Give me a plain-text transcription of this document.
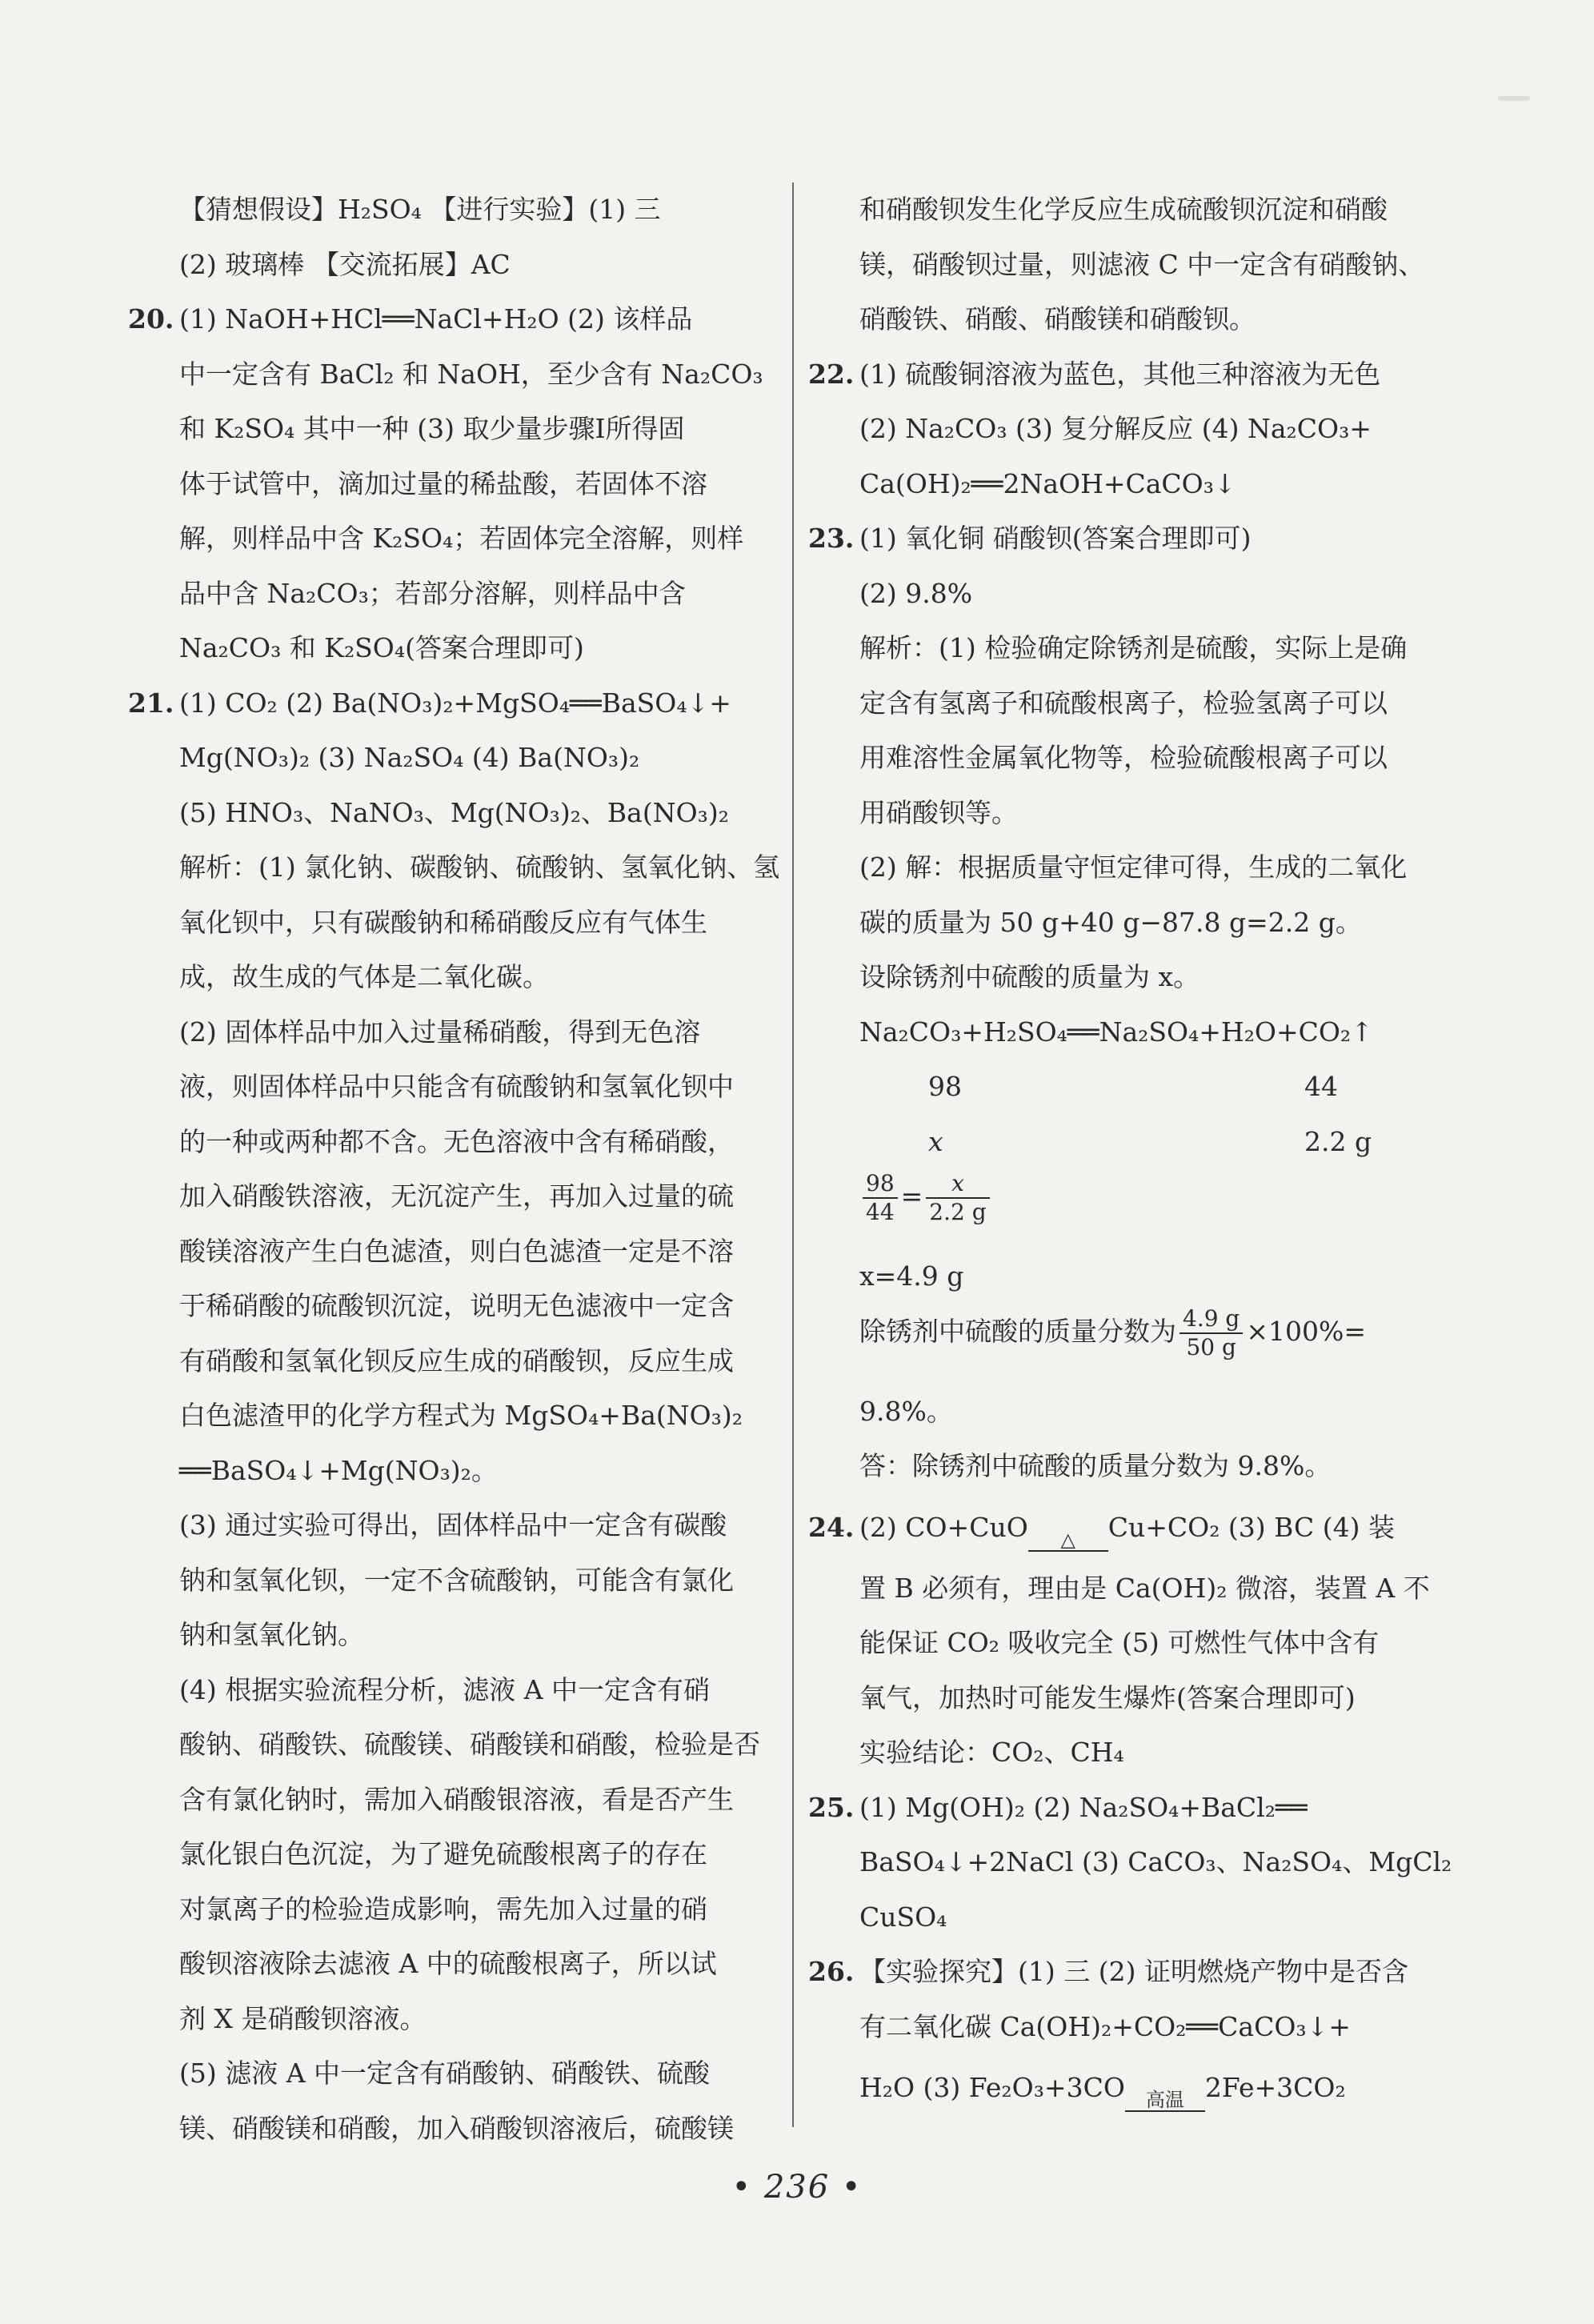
【猜想假设】H₂SO₄ 【进行实验】(1) 三
(2) 玻璃棒 【交流拓展】AC
20. (1) NaOH+HCl══NaCl+H₂O (2) 该样品
中一定含有 BaCl₂ 和 NaOH，至少含有 Na₂CO₃
和 K₂SO₄ 其中一种 (3) 取少量步骤Ⅰ所得固
体于试管中，滴加过量的稀盐酸，若固体不溶
解，则样品中含 K₂SO₄；若固体完全溶解，则样
品中含 Na₂CO₃；若部分溶解，则样品中含
Na₂CO₃ 和 K₂SO₄(答案合理即可)
21. (1) CO₂ (2) Ba(NO₃)₂+MgSO₄══BaSO₄↓+
Mg(NO₃)₂ (3) Na₂SO₄ (4) Ba(NO₃)₂
(5) HNO₃、NaNO₃、Mg(NO₃)₂、Ba(NO₃)₂
解析：(1) 氯化钠、碳酸钠、硫酸钠、氢氧化钠、氢
氧化钡中，只有碳酸钠和稀硝酸反应有气体生
成，故生成的气体是二氧化碳。
(2) 固体样品中加入过量稀硝酸，得到无色溶
液，则固体样品中只能含有硫酸钠和氢氧化钡中
的一种或两种都不含。无色溶液中含有稀硝酸，
加入硝酸铁溶液，无沉淀产生，再加入过量的硫
酸镁溶液产生白色滤渣，则白色滤渣一定是不溶
于稀硝酸的硫酸钡沉淀，说明无色滤液中一定含
有硝酸和氢氧化钡反应生成的硝酸钡，反应生成
白色滤渣甲的化学方程式为 MgSO₄+Ba(NO₃)₂
══BaSO₄↓+Mg(NO₃)₂。
(3) 通过实验可得出，固体样品中一定含有碳酸
钠和氢氧化钡，一定不含硫酸钠，可能含有氯化
钠和氢氧化钠。
(4) 根据实验流程分析，滤液 A 中一定含有硝
酸钠、硝酸铁、硫酸镁、硝酸镁和硝酸，检验是否
含有氯化钠时，需加入硝酸银溶液，看是否产生
氯化银白色沉淀，为了避免硫酸根离子的存在
对氯离子的检验造成影响，需先加入过量的硝
酸钡溶液除去滤液 A 中的硫酸根离子，所以试
剂 X 是硝酸钡溶液。
(5) 滤液 A 中一定含有硝酸钠、硝酸铁、硫酸
镁、硝酸镁和硝酸，加入硝酸钡溶液后，硫酸镁
和硝酸钡发生化学反应生成硫酸钡沉淀和硝酸
镁，硝酸钡过量，则滤液 C 中一定含有硝酸钠、
硝酸铁、硝酸、硝酸镁和硝酸钡。
22. (1) 硫酸铜溶液为蓝色，其他三种溶液为无色
(2) Na₂CO₃ (3) 复分解反应 (4) Na₂CO₃+
Ca(OH)₂══2NaOH+CaCO₃↓
23. (1) 氧化铜 硝酸钡(答案合理即可)
(2) 9.8%
解析：(1) 检验确定除锈剂是硫酸，实际上是确
定含有氢离子和硫酸根离子，检验氢离子可以
用难溶性金属氧化物等，检验硫酸根离子可以
用硝酸钡等。
(2) 解：根据质量守恒定律可得，生成的二氧化
碳的质量为 50 g+40 g−87.8 g=2.2 g。
设除锈剂中硫酸的质量为 x。
Na₂CO₃+H₂SO₄══Na₂SO₄+H₂O+CO₂↑
98	44
x	2.2 g
$\frac{98}{44} = \frac{x}{2.2 g}$
x=4.9 g
除锈剂中硫酸的质量分数为 $\frac{4.9 g}{50 g} \times 100\%=$
9.8%。
答：除锈剂中硫酸的质量分数为 9.8%。
24. (2) CO+CuO	△	Cu+CO₂ (3) BC (4) 装
置 B 必须有，理由是 Ca(OH)₂ 微溶，装置 A 不
能保证 CO₂ 吸收完全 (5) 可燃性气体中含有
氧气，加热时可能发生爆炸(答案合理即可)
实验结论：CO₂、CH₄
25. (1) Mg(OH)₂ (2) Na₂SO₄+BaCl₂══
BaSO₄↓+2NaCl (3) CaCO₃、Na₂SO₄、MgCl₂
CuSO₄
26. 【实验探究】(1) 三 (2) 证明燃烧产物中是否含
有二氧化碳 Ca(OH)₂+CO₂══CaCO₃↓+
H₂O (3) Fe₂O₃+3CO	高温 2Fe+3CO₂
• 236 •
